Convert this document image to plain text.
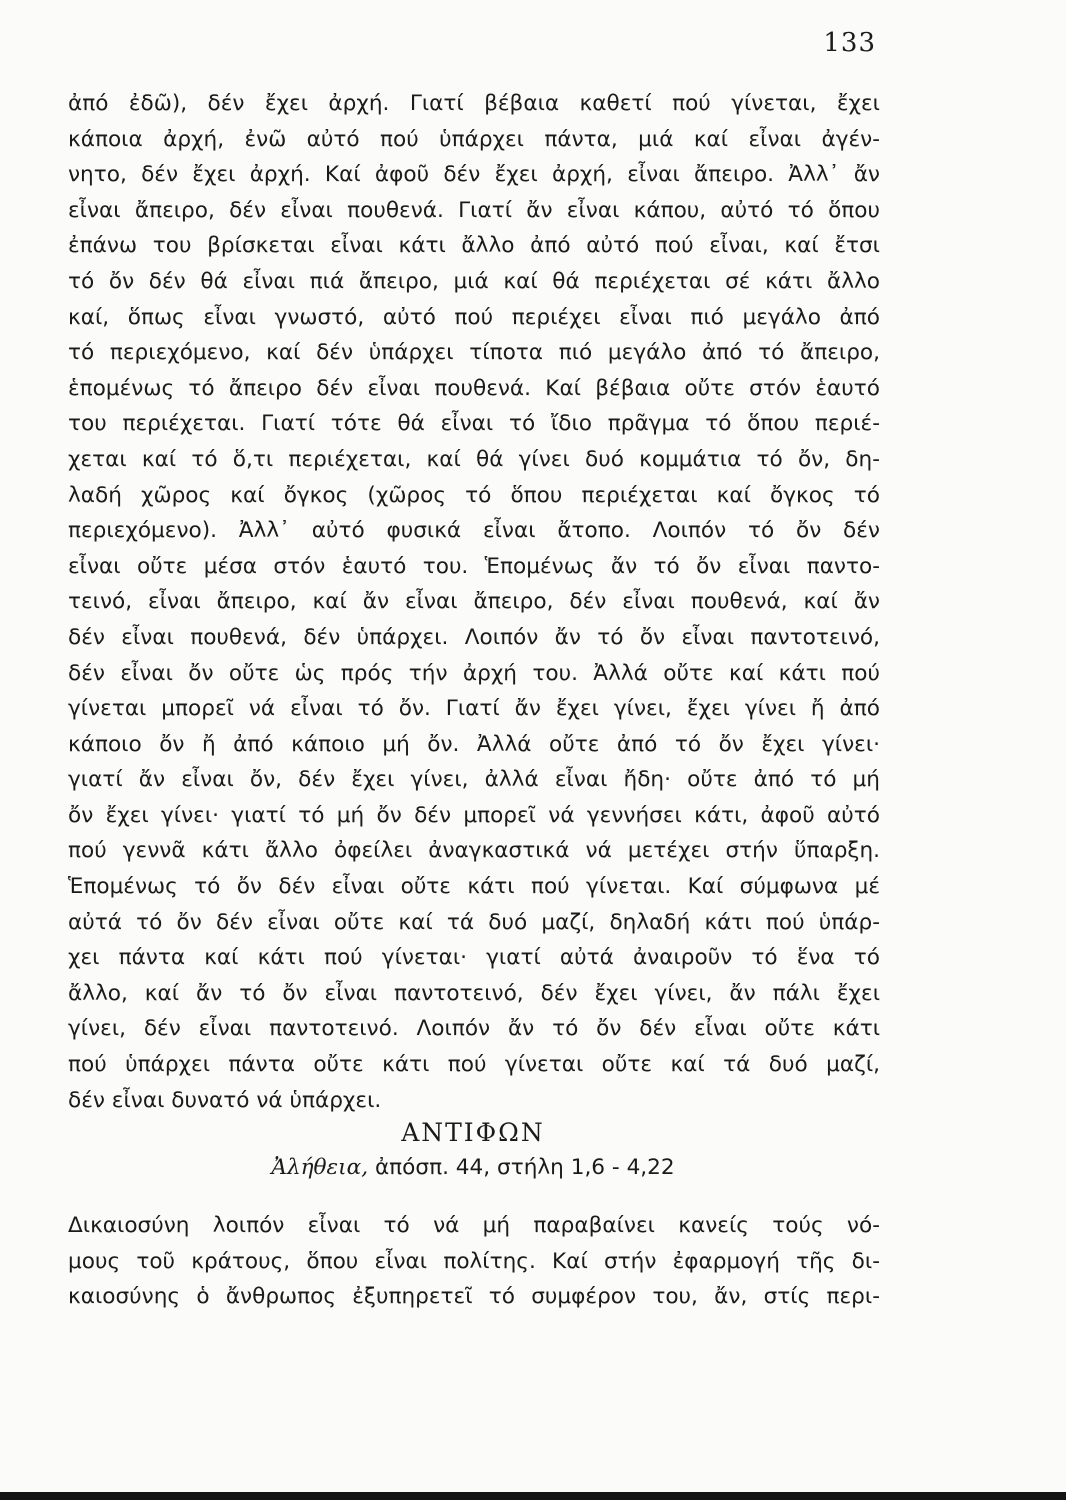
133
ἀπό ἐδῶ), δέν ἔχει ἀρχή. Γιατί βέβαια καθετί πού γίνεται, ἔχει
κάποια ἀρχή, ἐνῶ αὐτό πού ὑπάρχει πάντα, μιά καί εἶναι ἀγέν-
νητο, δέν ἔχει ἀρχή. Καί ἀφοῦ δέν ἔχει ἀρχή, εἶναι ἄπειρο. Ἀλλ᾽ ἄν
εἶναι ἄπειρο, δέν εἶναι πουθενά. Γιατί ἄν εἶναι κάπου, αὐτό τό ὅπου
ἐπάνω του βρίσκεται εἶναι κάτι ἄλλο ἀπό αὐτό πού εἶναι, καί ἔτσι
τό ὄν δέν θά εἶναι πιά ἄπειρο, μιά καί θά περιέχεται σέ κάτι ἄλλο
καί, ὅπως εἶναι γνωστό, αὐτό πού περιέχει εἶναι πιό μεγάλο ἀπό
τό περιεχόμενο, καί δέν ὑπάρχει τίποτα πιό μεγάλο ἀπό τό ἄπειρο,
ἑπομένως τό ἄπειρο δέν εἶναι πουθενά. Καί βέβαια οὔτε στόν ἑαυτό
του περιέχεται. Γιατί τότε θά εἶναι τό ἴδιο πρᾶγμα τό ὅπου περιέ-
χεται καί τό ὅ,τι περιέχεται, καί θά γίνει δυό κομμάτια τό ὄν, δη-
λαδή χῶρος καί ὄγκος (χῶρος τό ὅπου περιέχεται καί ὄγκος τό
περιεχόμενο). Ἀλλ᾽ αὐτό φυσικά εἶναι ἄτοπο. Λοιπόν τό ὄν δέν
εἶναι οὔτε μέσα στόν ἑαυτό του. Ἑπομένως ἄν τό ὄν εἶναι παντο-
τεινό, εἶναι ἄπειρο, καί ἄν εἶναι ἄπειρο, δέν εἶναι πουθενά, καί ἄν
δέν εἶναι πουθενά, δέν ὑπάρχει. Λοιπόν ἄν τό ὄν εἶναι παντοτεινό,
δέν εἶναι ὄν οὔτε ὡς πρός τήν ἀρχή του. Ἀλλά οὔτε καί κάτι πού
γίνεται μπορεῖ νά εἶναι τό ὄν. Γιατί ἄν ἔχει γίνει, ἔχει γίνει ἤ ἀπό
κάποιο ὄν ἤ ἀπό κάποιο μή ὄν. Ἀλλά οὔτε ἀπό τό ὄν ἔχει γίνει·
γιατί ἄν εἶναι ὄν, δέν ἔχει γίνει, ἀλλά εἶναι ἤδη· οὔτε ἀπό τό μή
ὄν ἔχει γίνει· γιατί τό μή ὄν δέν μπορεῖ νά γεννήσει κάτι, ἀφοῦ αὐτό
πού γεννᾶ κάτι ἄλλο ὀφείλει ἀναγκαστικά νά μετέχει στήν ὕπαρξη.
Ἑπομένως τό ὄν δέν εἶναι οὔτε κάτι πού γίνεται. Καί σύμφωνα μέ
αὐτά τό ὄν δέν εἶναι οὔτε καί τά δυό μαζί, δηλαδή κάτι πού ὑπάρ-
χει πάντα καί κάτι πού γίνεται· γιατί αὐτά ἀναιροῦν τό ἕνα τό
ἄλλο, καί ἄν τό ὄν εἶναι παντοτεινό, δέν ἔχει γίνει, ἄν πάλι ἔχει
γίνει, δέν εἶναι παντοτεινό. Λοιπόν ἄν τό ὄν δέν εἶναι οὔτε κάτι
πού ὑπάρχει πάντα οὔτε κάτι πού γίνεται οὔτε καί τά δυό μαζί,
δέν εἶναι δυνατό νά ὑπάρχει.
ΑΝΤΙΦΩΝ
Ἀλήθεια, ἀπόσπ. 44, στήλη 1,6 - 4,22
Δικαιοσύνη λοιπόν εἶναι τό νά μή παραβαίνει κανείς τούς νό-
μους τοῦ κράτους, ὅπου εἶναι πολίτης. Καί στήν ἐφαρμογή τῆς δι-
καιοσύνης ὁ ἄνθρωπος ἐξυπηρετεῖ τό συμφέρον του, ἄν, στίς περι-
